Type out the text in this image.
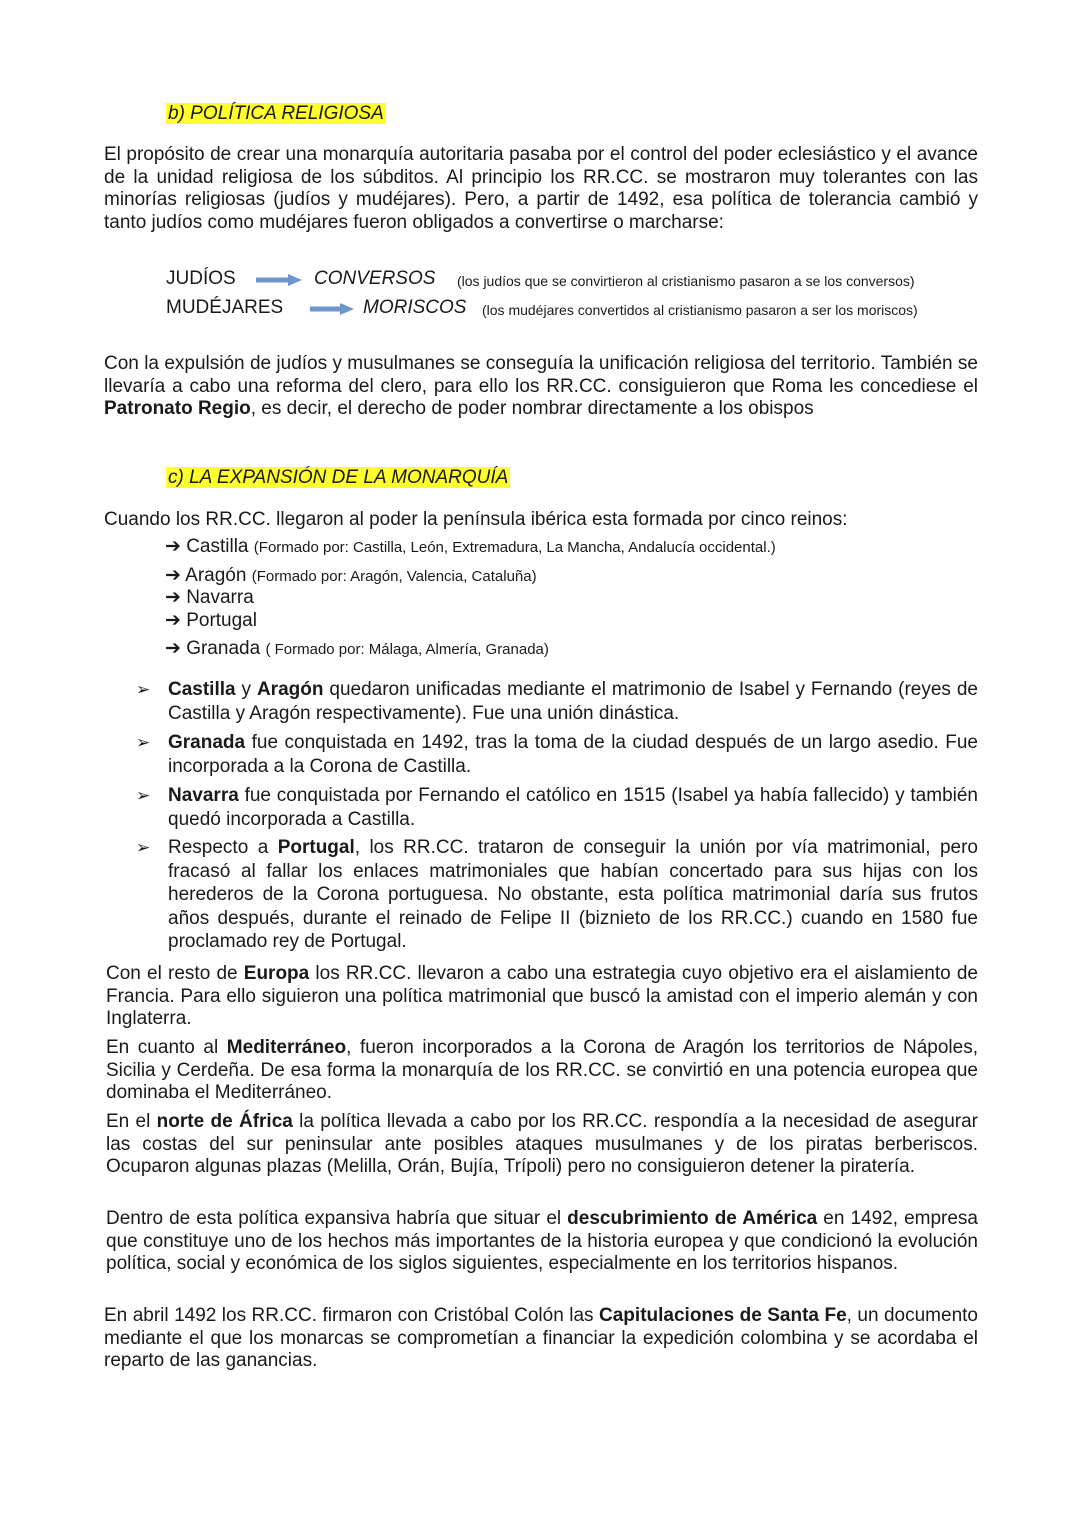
b) POLÍTICA RELIGIOSA
El propósito de crear una monarquía autoritaria pasaba por el control del poder eclesiástico y el avance de la unidad religiosa de los súbditos. Al principio los RR.CC. se mostraron muy tolerantes con las minorías religiosas (judíos y mudéjares). Pero, a partir de 1492, esa política de tolerancia cambió y tanto judíos como mudéjares fueron obligados a convertirse o marcharse:
JUDÍOS	CONVERSOS (los judíos que se convirtieron al cristianismo pasaron a se los conversos)
MUDÉJARES	MORISCOS (los mudéjares convertidos al cristianismo pasaron a ser los moriscos)
Con la expulsión de judíos y musulmanes se conseguía la unificación religiosa del territorio. También se llevaría a cabo una reforma del clero, para ello los RR.CC. consiguieron que Roma les concediese el Patronato Regio, es decir, el derecho de poder nombrar directamente a los obispos
c) LA EXPANSIÓN DE LA MONARQUÍA
Cuando los RR.CC. llegaron al poder la península ibérica esta formada por cinco reinos:
➔ Castilla (Formado por: Castilla, León, Extremadura, La Mancha, Andalucía occidental.)
➔ Aragón (Formado por: Aragón, Valencia, Cataluña)
➔ Navarra
➔ Portugal
➔ Granada ( Formado por: Málaga, Almería, Granada)
➢ Castilla y Aragón quedaron unificadas mediante el matrimonio de Isabel y Fernando (reyes de Castilla y Aragón respectivamente). Fue una unión dinástica.
➢ Granada fue conquistada en 1492, tras la toma de la ciudad después de un largo asedio. Fue incorporada a la Corona de Castilla.
➢ Navarra fue conquistada por Fernando el católico en 1515 (Isabel ya había fallecido) y también quedó incorporada a Castilla.
➢ Respecto a Portugal, los RR.CC. trataron de conseguir la unión por vía matrimonial, pero fracasó al fallar los enlaces matrimoniales que habían concertado para sus hijas con los herederos de la Corona portuguesa. No obstante, esta política matrimonial daría sus frutos años después, durante el reinado de Felipe II (biznieto de los RR.CC.) cuando en 1580 fue proclamado rey de Portugal.
Con el resto de Europa los RR.CC. llevaron a cabo una estrategia cuyo objetivo era el aislamiento de Francia. Para ello siguieron una política matrimonial que buscó la amistad con el imperio alemán y con Inglaterra.
En cuanto al Mediterráneo, fueron incorporados a la Corona de Aragón los territorios de Nápoles, Sicilia y Cerdeña. De esa forma la monarquía de los RR.CC. se convirtió en una potencia europea que dominaba el Mediterráneo.
En el norte de África la política llevada a cabo por los RR.CC. respondía a la necesidad de asegurar las costas del sur peninsular ante posibles ataques musulmanes y de los piratas berberiscos. Ocuparon algunas plazas (Melilla, Orán, Bujía, Trípoli) pero no consiguieron detener la piratería.
Dentro de esta política expansiva habría que situar el descubrimiento de América en 1492, empresa que constituye uno de los hechos más importantes de la historia europea y que condicionó la evolución política, social y económica de los siglos siguientes, especialmente en los territorios hispanos.
En abril 1492 los RR.CC. firmaron con Cristóbal Colón las Capitulaciones de Santa Fe, un documento mediante el que los monarcas se comprometían a financiar la expedición colombina y se acordaba el reparto de las ganancias.
